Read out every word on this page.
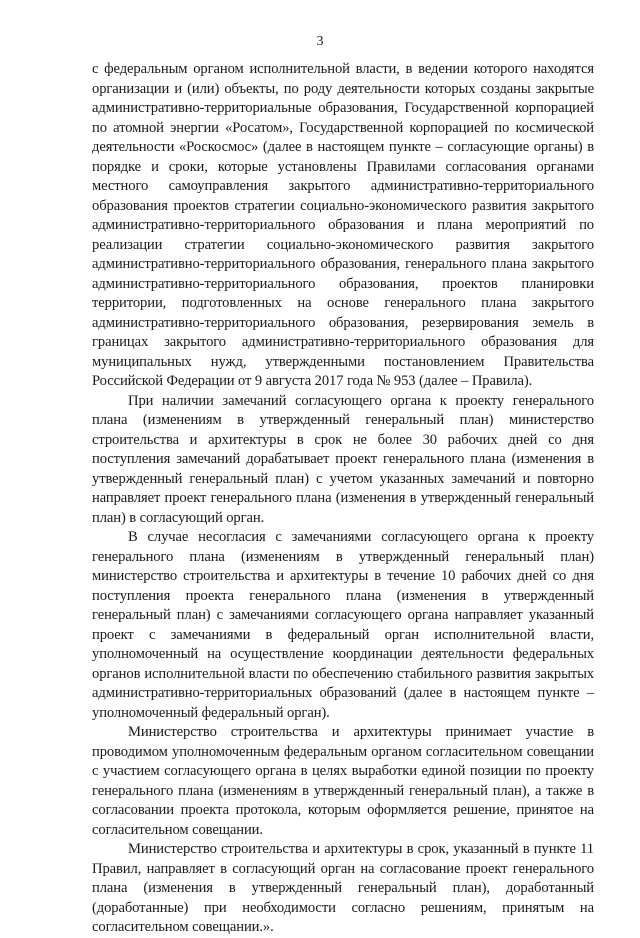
3

с федеральным органом исполнительной власти, в ведении которого находятся организации и (или) объекты, по роду деятельности которых созданы закрытые административно-территориальные образования, Государственной корпорацией по атомной энергии «Росатом», Государственной корпорацией по космической деятельности «Роскосмос» (далее в настоящем пункте – согласующие органы) в порядке и сроки, которые установлены Правилами согласования органами местного самоуправления закрытого административно-территориального образования проектов стратегии социально-экономического развития закрытого административно-территориального образования и плана мероприятий по реализации стратегии социально-экономического развития закрытого административно-территориального образования, генерального плана закрытого административно-территориального образования, проектов планировки территории, подготовленных на основе генерального плана закрытого административно-территориального образования, резервирования земель в границах закрытого административно-территориального образования для муниципальных нужд, утвержденными постановлением Правительства Российской Федерации от 9 августа 2017 года № 953 (далее – Правила).

При наличии замечаний согласующего органа к проекту генерального плана (изменениям в утвержденный генеральный план) министерство строительства и архитектуры в срок не более 30 рабочих дней со дня поступления замечаний дорабатывает проект генерального плана (изменения в утвержденный генеральный план) с учетом указанных замечаний и повторно направляет проект генерального плана (изменения в утвержденный генеральный план) в согласующий орган.

В случае несогласия с замечаниями согласующего органа к проекту генерального плана (изменениям в утвержденный генеральный план) министерство строительства и архитектуры в течение 10 рабочих дней со дня поступления проекта генерального плана (изменения в утвержденный генеральный план) с замечаниями согласующего органа направляет указанный проект с замечаниями в федеральный орган исполнительной власти, уполномоченный на осуществление координации деятельности федеральных органов исполнительной власти по обеспечению стабильного развития закрытых административно-территориальных образований (далее в настоящем пункте – уполномоченный федеральный орган).

Министерство строительства и архитектуры принимает участие в проводимом уполномоченным федеральным органом согласительном совещании с участием согласующего органа в целях выработки единой позиции по проекту генерального плана (изменениям в утвержденный генеральный план), а также в согласовании проекта протокола, которым оформляется решение, принятое на согласительном совещании.

Министерство строительства и архитектуры в срок, указанный в пункте 11 Правил, направляет в согласующий орган на согласование проект генерального плана (изменения в утвержденный генеральный план), доработанный (доработанные) при необходимости согласно решениям, принятым на согласительном совещании.».
